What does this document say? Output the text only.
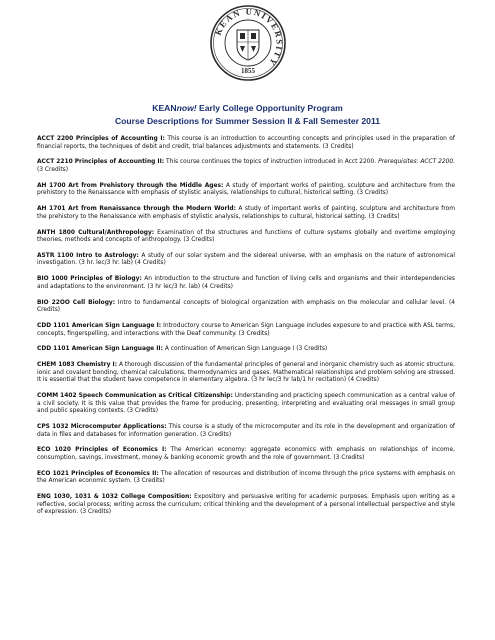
KEAN UNIVERSITY
1855
KEANnow! Early College Opportunity Program
Course Descriptions for Summer Session II & Fall Semester 2011

ACCT 2200 Principles of Accounting I: This course is an introduction to accounting concepts and principles used in the preparation of financial reports, the techniques of debit and credit, trial balances adjustments and statements. (3 Credits)

ACCT 2210 Principles of Accounting II: This course continues the topics of instruction introduced in Acct 2200. Prerequisites: ACCT 2200. (3 Credits)

AH 1700 Art from Prehistory through the Middle Ages: A study of important works of painting, sculpture and architecture from the prehistory to the Renaissance with emphasis of stylistic analysis, relationships to cultural, historical setting. (3 Credits)

AH 1701 Art from Renaissance through the Modern World: A study of important works of painting, sculpture and architecture from the prehistory to the Renaissance with emphasis of stylistic analysis, relationships to cultural, historical setting. (3 Credits)

ANTH 1800 Cultural/Anthropology: Examination of the structures and functions of culture systems globally and overtime employing theories, methods and concepts of anthropology. (3 Credits)

ASTR 1100 Intro to Astrology: A study of our solar system and the sidereal universe, with an emphasis on the nature of astronomical investigation. (3 hr. lec/3 hr. lab) (4 Credits)

BIO 1000 Principles of Biology: An introduction to the structure and function of living cells and organisms and their interdependencies and adaptations to the environment. (3 hr lec/3 hr. lab) (4 Credits)

BIO 22OO Cell Biology: Intro to fundamental concepts of biological organization with emphasis on the molecular and cellular level. (4 Credits)

CDD 1101 American Sign Language I: Introductory course to American Sign Language includes exposure to and practice with ASL terms, concepts, fingerspelling, and interactions with the Deaf community. (3 Credits)

CDD 1101 American Sign Language II: A continuation of American Sign Language I (3 Credits)

CHEM 1083 Chemistry I: A thorough discussion of the fundamental principles of general and inorganic chemistry such as atomic structure, ionic and covalent bonding, chemical calculations, thermodynamics and gases. Mathematical relationships and problem solving are stressed. It is essential that the student have competence in elementary algebra. (3 hr lec/3 hr lab/1 hr recitation) (4 Credits)

COMM 1402 Speech Communication as Critical Citizenship: Understanding and practicing speech communication as a central value of a civil society. It is this value that provides the frame for producing, presenting, interpreting and evaluating oral messages in small group and public speaking contexts. (3 Credits)

CPS 1032 Microcomputer Applications: This course is a study of the microcomputer and its role in the development and organization of data in files and databases for information generation. (3 Credits)

ECO 1020 Principles of Economics I: The American economy: aggregate economics with emphasis on relationships of income, consumption, savings, investment, money & banking economic growth and the role of government. (3 Credits)

ECO 1021 Principles of Economics II: The allocation of resources and distribution of income through the price systems with emphasis on the American economic system. (3 Credits)

ENG 1030, 1031 & 1032 College Composition: Expository and persuasive writing for academic purposes. Emphasis upon writing as a reflective, social process; writing across the curriculum; critical thinking and the development of a personal intellectual perspective and style of expression. (3 Credits)
